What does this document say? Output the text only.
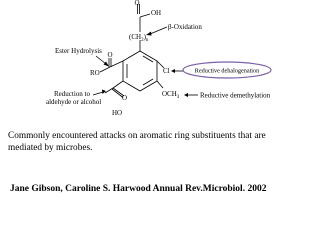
O
OH
$(CH_2)_n$
β-Oxidation
O
RO
Ester Hydrolysis
Cl	Reductive dehalogenation
O
HO
Reduction to
aldehyde or alcohol
$OCH_3$	Reductive demethylation
Commonly encountered attacks on aromatic ring substituents that are mediated by microbes.
Jane Gibson, Caroline S. Harwood Annual Rev.Microbiol. 2002
